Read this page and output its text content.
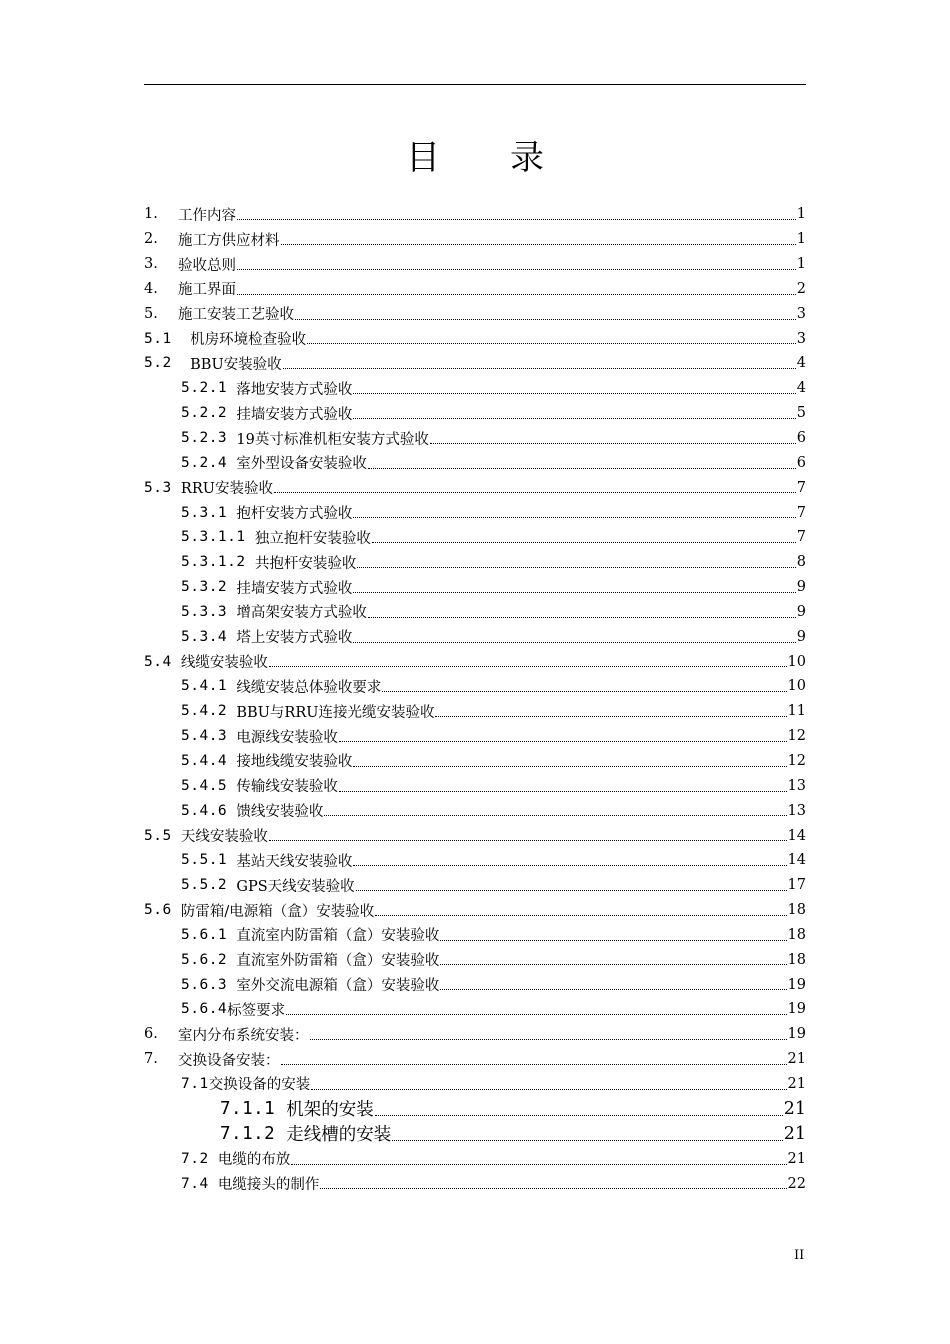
目 录
1.	工作内容	1
2.	施工方供应材料	1
3.	验收总则	1
4.	施工界面	2
5.	施工安装工艺验收	3
5.1 机房环境检查验收	3
5.2 BBU安装验收	4
5.2.1 落地安装方式验收	4
5.2.2 挂墙安装方式验收	5
5.2.3 19英寸标准机柜安装方式验收	6
5.2.4 室外型设备安装验收	6
5.3 RRU安装验收	7
5.3.1 抱杆安装方式验收	7
5.3.1.1 独立抱杆安装验收	7
5.3.1.2 共抱杆安装验收	8
5.3.2 挂墙安装方式验收	9
5.3.3 增高架安装方式验收	9
5.3.4 塔上安装方式验收	9
5.4 线缆安装验收	10
5.4.1 线缆安装总体验收要求	10
5.4.2 BBU与RRU连接光缆安装验收	11
5.4.3 电源线安装验收	12
5.4.4 接地线缆安装验收	12
5.4.5 传输线安装验收	13
5.4.6 馈线安装验收	13
5.5 天线安装验收	14
5.5.1 基站天线安装验收	14
5.5.2 GPS天线安装验收	17
5.6 防雷箱/电源箱（盒）安装验收	18
5.6.1 直流室内防雷箱（盒）安装验收	18
5.6.2 直流室外防雷箱（盒）安装验收	18
5.6.3 室外交流电源箱（盒）安装验收	19
5.6.4 标签要求	19
6.	室内分布系统安装：	19
7.	交换设备安装：	21
7.1 交换设备的安装	21
7.1.1 机架的安装	21
7.1.2 走线槽的安装	21
7.2 电缆的布放	21
7.4 电缆接头的制作	22
II
